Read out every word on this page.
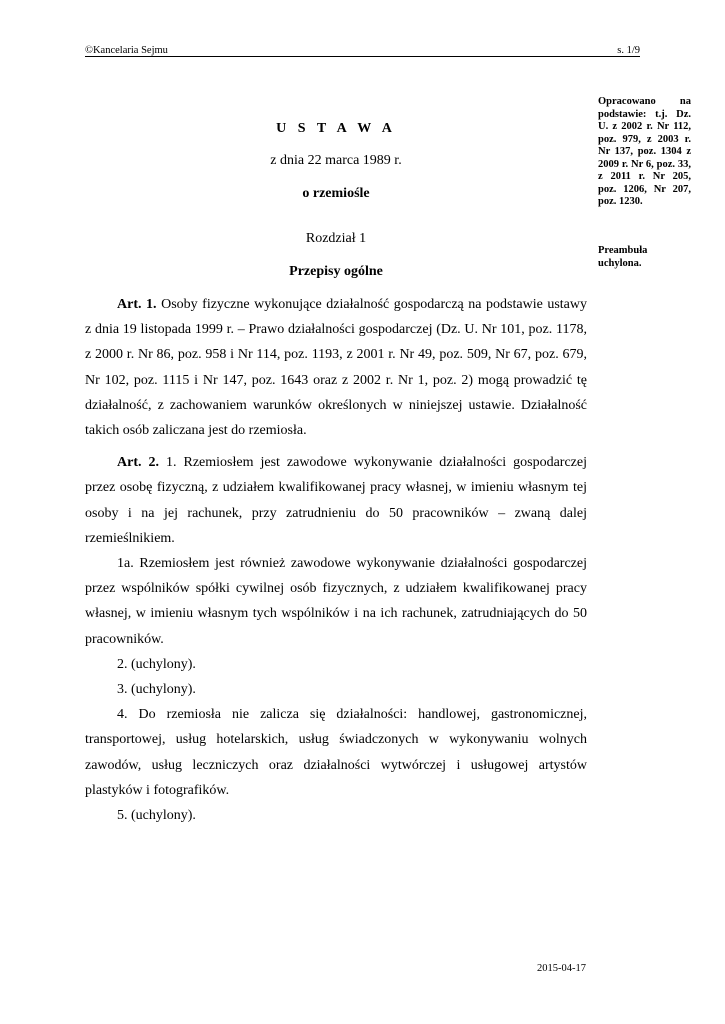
©Kancelaria Sejmu	s. 1/9
Opracowano na podstawie: t.j. Dz. U. z 2002 r. Nr 112, poz. 979, z 2003 r. Nr 137, poz. 1304 z 2009 r. Nr 6, poz. 33, z 2011 r. Nr 205, poz. 1206, Nr 207, poz. 1230.
Preambuła uchylona.
U S T A W A
z dnia 22 marca 1989 r.
o rzemiośle
Rozdział 1
Przepisy ogólne

Art. 1. Osoby fizyczne wykonujące działalność gospodarczą na podstawie ustawy z dnia 19 listopada 1999 r. – Prawo działalności gospodarczej (Dz. U. Nr 101, poz. 1178, z 2000 r. Nr 86, poz. 958 i Nr 114, poz. 1193, z 2001 r. Nr 49, poz. 509, Nr 67, poz. 679, Nr 102, poz. 1115 i Nr 147, poz. 1643 oraz z 2002 r. Nr 1, poz. 2) mogą prowadzić tę działalność, z zachowaniem warunków określonych w niniejszej ustawie. Działalność takich osób zaliczana jest do rzemiosła.

Art. 2. 1. Rzemiosłem jest zawodowe wykonywanie działalności gospodarczej przez osobę fizyczną, z udziałem kwalifikowanej pracy własnej, w imieniu własnym tej osoby i na jej rachunek, przy zatrudnieniu do 50 pracowników – zwaną dalej rzemieślnikiem.

1a. Rzemiosłem jest również zawodowe wykonywanie działalności gospodarczej przez wspólników spółki cywilnej osób fizycznych, z udziałem kwalifikowanej pracy własnej, w imieniu własnym tych wspólników i na ich rachunek, zatrudniających do 50 pracowników.

2. (uchylony).

3. (uchylony).

4. Do rzemiosła nie zalicza się działalności: handlowej, gastronomicznej, transportowej, usług hotelarskich, usług świadczonych w wykonywaniu wolnych zawodów, usług leczniczych oraz działalności wytwórczej i usługowej artystów plastyków i fotografików.

5. (uchylony).

2015-04-17
